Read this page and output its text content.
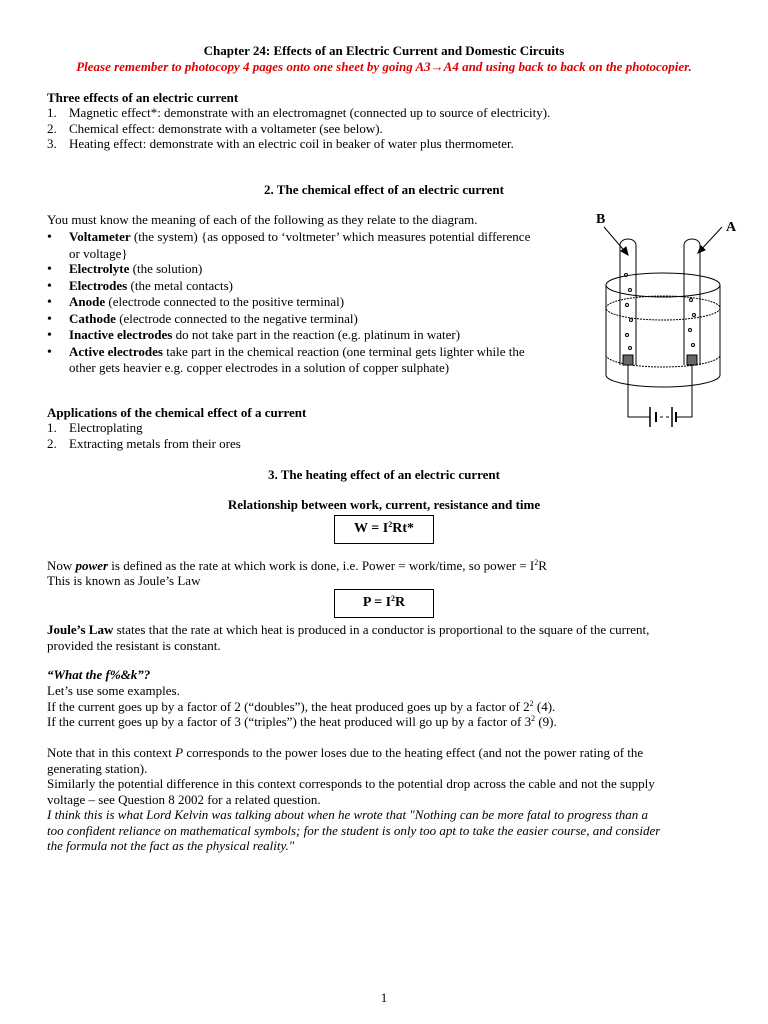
Chapter 24: Effects of an Electric Current and Domestic Circuits
Please remember to photocopy 4 pages onto one sheet by going A3→A4 and using back to back on the photocopier.
Three effects of an electric current
1. Magnetic effect*: demonstrate with an electromagnet (connected up to source of electricity).
2. Chemical effect: demonstrate with a voltameter (see below).
3. Heating effect: demonstrate with an electric coil in beaker of water plus thermometer.
2. The chemical effect of an electric current
You must know the meaning of each of the following as they relate to the diagram.
•Voltameter (the system) {as opposed to ‘voltmeter’ which measures potential difference
or voltage}
•Electrolyte (the solution)
•Electrodes (the metal contacts)
•Anode (electrode connected to the positive terminal)
•Cathode (electrode connected to the negative terminal)
•Inactive electrodes do not take part in the reaction (e.g. platinum in water)
•Active electrodes take part in the chemical reaction (one terminal gets lighter while the
other gets heavier e.g. copper electrodes in a solution of copper sulphate)
B
A
Applications of the chemical effect of a current
1. Electroplating
2. Extracting metals from their ores
3. The heating effect of an electric current
Relationship between work, current, resistance and time
$W = I^2Rt*$
Now power is defined as the rate at which work is done, i.e. Power = work/time, so power = $I^2R$
This is known as Joule’s Law
$P = I^2R$
Joule’s Law states that the rate at which heat is produced in a conductor is proportional to the square of the current,
provided the resistant is constant.
“What the f%&k”?
Let’s use some examples.
If the current goes up by a factor of 2 (“doubles”), the heat produced goes up by a factor of $2^2$ (4).
If the current goes up by a factor of 3 (“triples”) the heat produced will go up by a factor of $3^2$ (9).
Note that in this context P corresponds to the power loses due to the heating effect (and not the power rating of the
generating station).
Similarly the potential difference in this context corresponds to the potential drop across the cable and not the supply
voltage – see Question 8 2002 for a related question.
I think this is what Lord Kelvin was talking about when he wrote that "Nothing can be more fatal to progress than a
too confident reliance on mathematical symbols; for the student is only too apt to take the easier course, and consider
the formula not the fact as the physical reality."
1
